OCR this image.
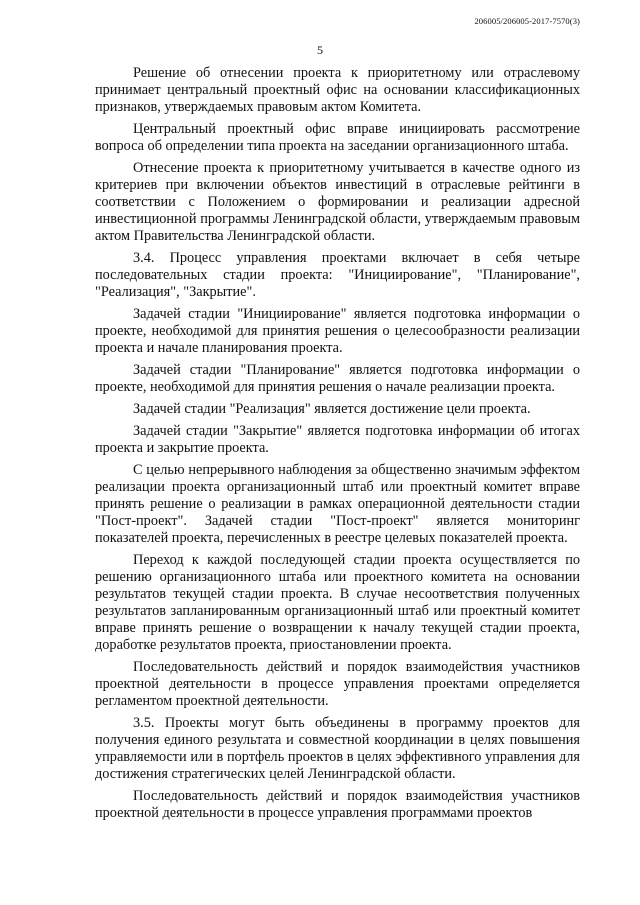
206005/206005-2017-7570(3)
5

Решение об отнесении проекта к приоритетному или отраслевому принимает центральный проектный офис на основании классификационных признаков, утверждаемых правовым актом Комитета.

Центральный проектный офис вправе инициировать рассмотрение вопроса об определении типа проекта на заседании организационного штаба.

Отнесение проекта к приоритетному учитывается в качестве одного из критериев при включении объектов инвестиций в отраслевые рейтинги в соответствии с Положением о формировании и реализации адресной инвестиционной программы Ленинградской области, утверждаемым правовым актом Правительства Ленинградской области.

3.4. Процесс управления проектами включает в себя четыре последовательных стадии проекта: "Инициирование", "Планирование", "Реализация", "Закрытие".

Задачей стадии "Инициирование" является подготовка информации о проекте, необходимой для принятия решения о целесообразности реализации проекта и начале планирования проекта.

Задачей стадии "Планирование" является подготовка информации о проекте, необходимой для принятия решения о начале реализации проекта.

Задачей стадии "Реализация" является достижение цели проекта.

Задачей стадии "Закрытие" является подготовка информации об итогах проекта и закрытие проекта.

С целью непрерывного наблюдения за общественно значимым эффектом реализации проекта организационный штаб или проектный комитет вправе принять решение о реализации в рамках операционной деятельности стадии "Пост-проект". Задачей стадии "Пост-проект" является мониторинг показателей проекта, перечисленных в реестре целевых показателей проекта.

Переход к каждой последующей стадии проекта осуществляется по решению организационного штаба или проектного комитета на основании результатов текущей стадии проекта. В случае несоответствия полученных результатов запланированным организационный штаб или проектный комитет вправе принять решение о возвращении к началу текущей стадии проекта, доработке результатов проекта, приостановлении проекта.

Последовательность действий и порядок взаимодействия участников проектной деятельности в процессе управления проектами определяется регламентом проектной деятельности.

3.5. Проекты могут быть объединены в программу проектов для получения единого результата и совместной координации в целях повышения управляемости или в портфель проектов в целях эффективного управления для достижения стратегических целей Ленинградской области.

Последовательность действий и порядок взаимодействия участников проектной деятельности в процессе управления программами проектов
